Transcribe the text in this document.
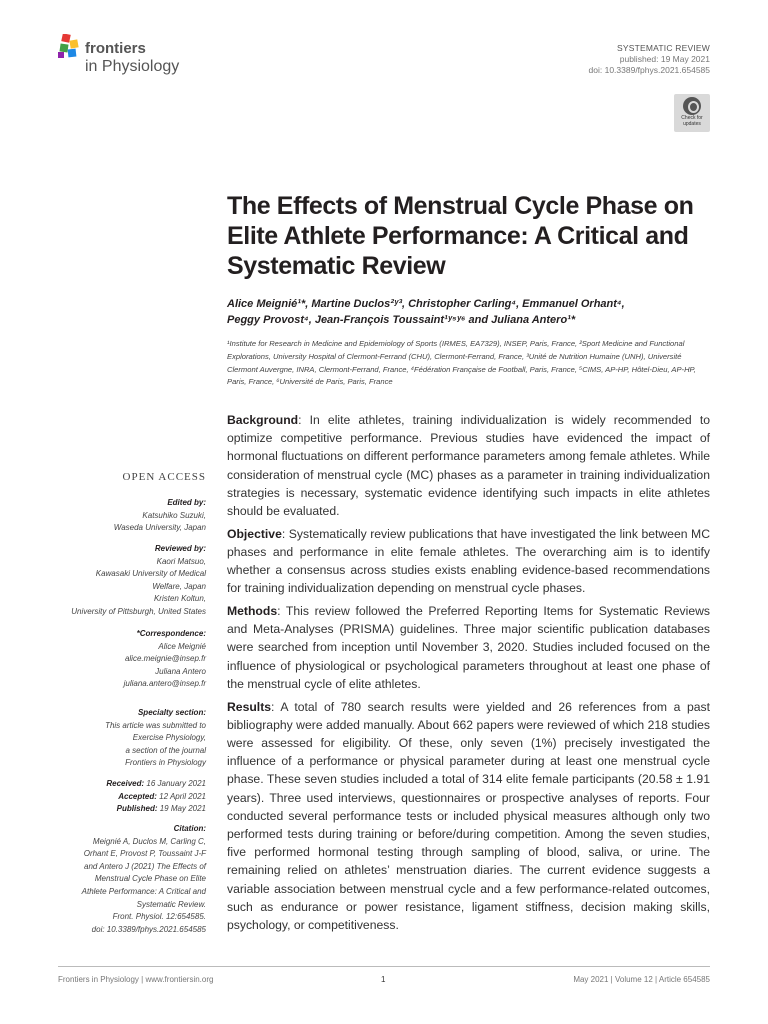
frontiers
in Physiology
SYSTEMATIC REVIEW
published: 19 May 2021
doi: 10.3389/fphys.2021.654585
Check for
updates
The Effects of Menstrual Cycle Phase on Elite Athlete Performance: A Critical and Systematic Review
Alice Meignié¹*, Martine Duclos²ʸ³, Christopher Carling⁴, Emmanuel Orhant⁴,
Peggy Provost⁴, Jean-François Toussaint¹ʸ⁵ʸ⁶ and Juliana Antero¹*
¹Institute for Research in Medicine and Epidemiology of Sports (IRMES, EA7329), INSEP, Paris, France, ²Sport Medicine and Functional Explorations, University Hospital of Clermont-Ferrand (CHU), Clermont-Ferrand, France, ³Unité de Nutrition Humaine (UNH), Université Clermont Auvergne, INRA, Clermont-Ferrand, France, ⁴Fédération Française de Football, Paris, France, ⁵CIMS, AP-HP, Hôtel-Dieu, AP-HP, Paris, France, ⁶Université de Paris, Paris, France

Background: In elite athletes, training individualization is widely recommended to optimize competitive performance. Previous studies have evidenced the impact of hormonal fluctuations on different performance parameters among female athletes. While consideration of menstrual cycle (MC) phases as a parameter in training individualization strategies is necessary, systematic evidence identifying such impacts in elite athletes should be evaluated.

Objective: Systematically review publications that have investigated the link between MC phases and performance in elite female athletes. The overarching aim is to identify whether a consensus across studies exists enabling evidence-based recommendations for training individualization depending on menstrual cycle phases.

Methods: This review followed the Preferred Reporting Items for Systematic Reviews and Meta-Analyses (PRISMA) guidelines. Three major scientific publication databases were searched from inception until November 3, 2020. Studies included focused on the influence of physiological or psychological parameters throughout at least one phase of the menstrual cycle of elite athletes.

Results: A total of 780 search results were yielded and 26 references from a past bibliography were added manually. About 662 papers were reviewed of which 218 studies were assessed for eligibility. Of these, only seven (1%) precisely investigated the influence of a performance or physical parameter during at least one menstrual cycle phase. These seven studies included a total of 314 elite female participants (20.58 ± 1.91 years). Three used interviews, questionnaires or prospective analyses of reports. Four conducted several performance tests or included physical measures although only two performed tests during training or before/during competition. Among the seven studies, five performed hormonal testing through sampling of blood, saliva, or urine. The remaining relied on athletes’ menstruation diaries. The current evidence suggests a variable association between menstrual cycle and a few performance-related outcomes, such as endurance or power resistance, ligament stiffness, decision making skills, psychology, or competitiveness.

OPEN ACCESS
Edited by:
Katsuhiko Suzuki,
Waseda University, Japan
Reviewed by:
Kaori Matsuo,
Kawasaki University of Medical
Welfare, Japan
Kristen Koltun,
University of Pittsburgh, United States
*Correspondence:
Alice Meignié
alice.meignie@insep.fr
Juliana Antero
juliana.antero@insep.fr
Specialty section:
This article was submitted to
Exercise Physiology,
a section of the journal
Frontiers in Physiology
Received: 16 January 2021
Accepted: 12 April 2021
Published: 19 May 2021
Citation:
Meignié A, Duclos M, Carling C,
Orhant E, Provost P, Toussaint J-F
and Antero J (2021) The Effects of
Menstrual Cycle Phase on Elite
Athlete Performance: A Critical and
Systematic Review.
Front. Physiol. 12:654585.
doi: 10.3389/fphys.2021.654585
Frontiers in Physiology | www.frontiersin.org	1	May 2021 | Volume 12 | Article 654585
